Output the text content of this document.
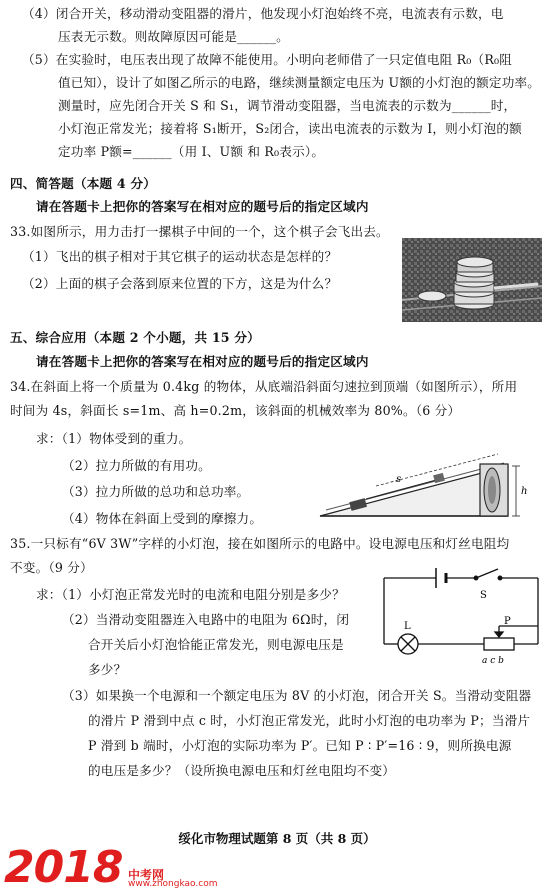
（4）闭合开关，移动滑动变阻器的滑片，他发现小灯泡始终不亮，电流表有示数，电
压表无示数。则故障原因可能是______。
（5）在实验时，电压表出现了故障不能使用。小明向老师借了一只定值电阻 R₀（R₀阻
值已知），设计了如图乙所示的电路，继续测量额定电压为 U额的小灯泡的额定功率。
测量时，应先闭合开关 S 和 S₁，调节滑动变阻器，当电流表的示数为______时，
小灯泡正常发光；接着将 S₁断开，S₂闭合，读出电流表的示数为 I，则小灯泡的额
定功率 P额=______（用 I、U额 和 R₀表示）。
四、简答题（本题 4 分）
请在答题卡上把你的答案写在相对应的题号后的指定区域内
33.如图所示，用力击打一摞棋子中间的一个，这个棋子会飞出去。
（1）飞出的棋子相对于其它棋子的运动状态是怎样的？
（2）上面的棋子会落到原来位置的下方，这是为什么？
五、综合应用（本题 2 个小题，共 15 分）
请在答题卡上把你的答案写在相对应的题号后的指定区域内
34.在斜面上将一个质量为 0.4kg 的物体，从底端沿斜面匀速拉到顶端（如图所示），所用
时间为 4s，斜面长 s=1m、高 h=0.2m，该斜面的机械效率为 80%。（6 分）
求：（1）物体受到的重力。
（2）拉力所做的有用功。
（3）拉力所做的总功和总功率。
（4）物体在斜面上受到的摩擦力。
s
h
35.一只标有“6V 3W”字样的小灯泡，接在如图所示的电路中。设电源电压和灯丝电阻均
不变。（9 分）
求：（1）小灯泡正常发光时的电流和电阻分别是多少？
（2）当滑动变阻器连入电路中的电阻为 6Ω时，闭
合开关后小灯泡恰能正常发光，则电源电压是
多少？
（3）如果换一个电源和一个额定电压为 8V 的小灯泡，闭合开关 S。当滑动变阻器
的滑片 P 滑到中点 c 时，小灯泡正常发光，此时小灯泡的电功率为 P；当滑片
P 滑到 b 端时，小灯泡的实际功率为 P′。已知 P ∶ P′=16 ∶ 9，则所换电源
的电压是多少？（设所换电源电压和灯丝电阻均不变）
S
L	P
a c b
绥化市物理试题第 8 页（共 8 页）
2018 中考网
www.zhongkao.com
